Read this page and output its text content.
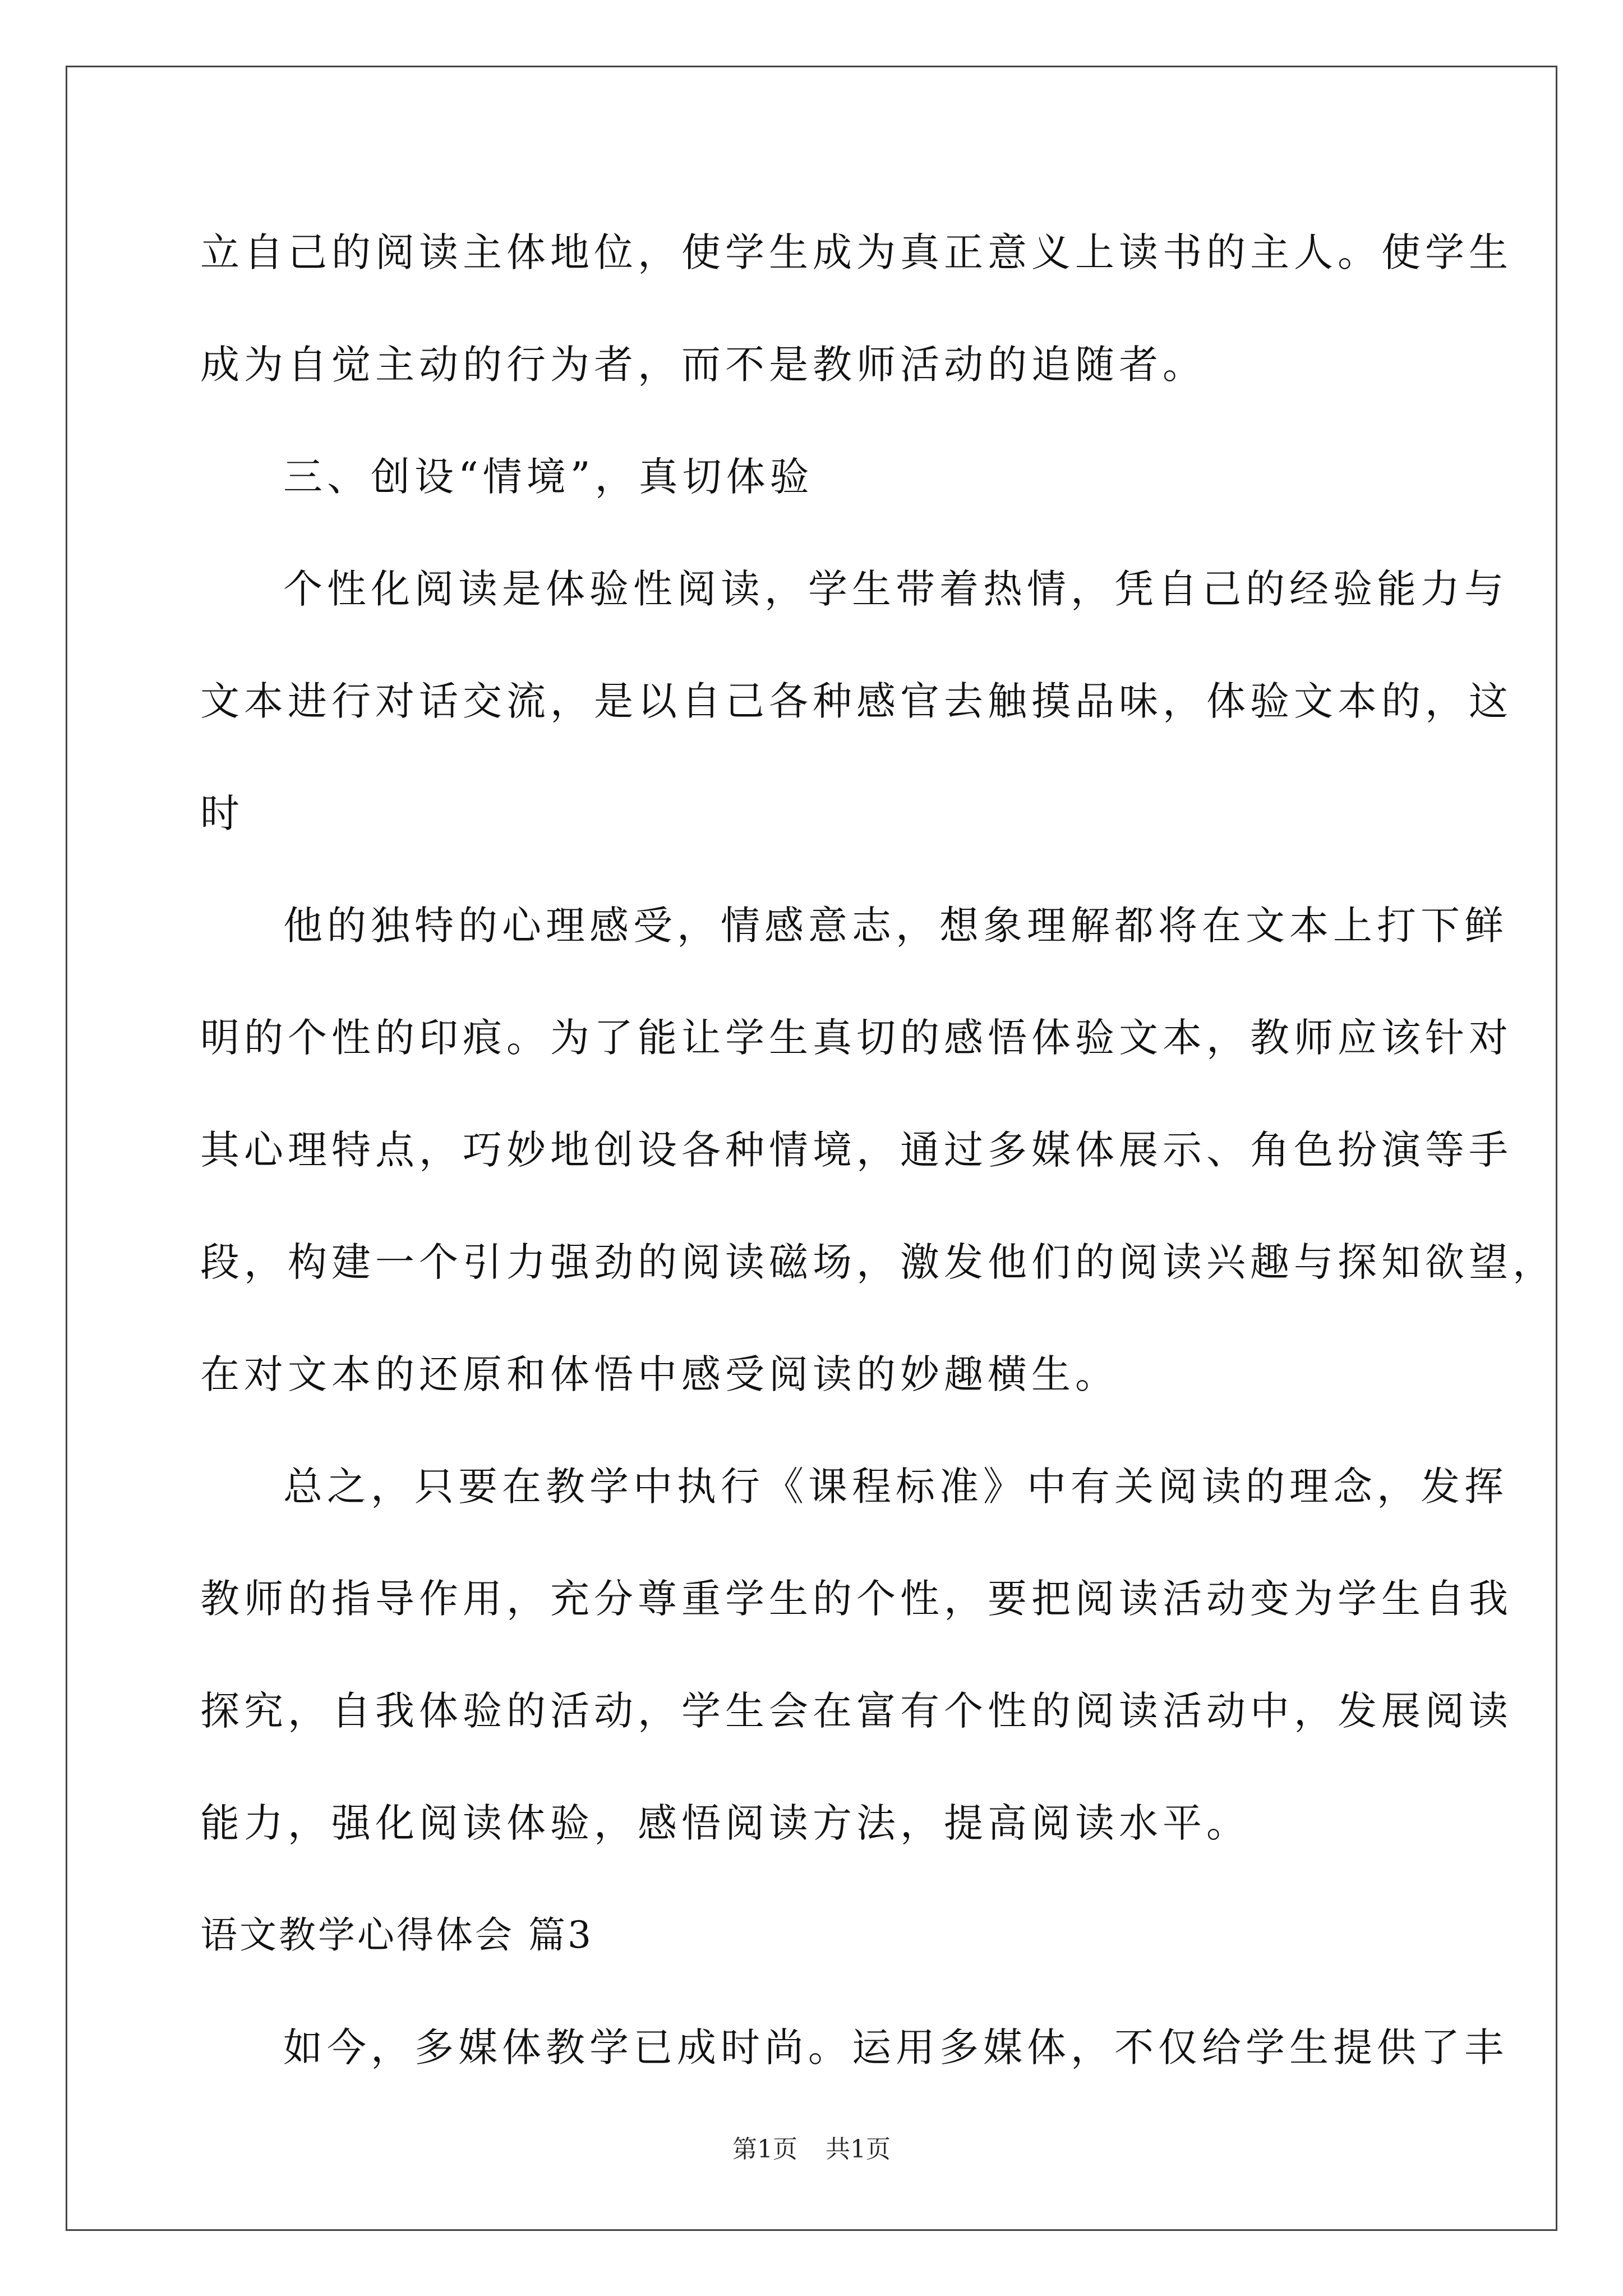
立自己的阅读主体地位，使学生成为真正意义上读书的主人。使学生
成为自觉主动的行为者，而不是教师活动的追随者。
三、创设“情境”，真切体验
个性化阅读是体验性阅读，学生带着热情，凭自己的经验能力与
文本进行对话交流，是以自己各种感官去触摸品味，体验文本的，这
时
他的独特的心理感受，情感意志，想象理解都将在文本上打下鲜
明的个性的印痕。为了能让学生真切的感悟体验文本，教师应该针对
其心理特点，巧妙地创设各种情境，通过多媒体展示、角色扮演等手
段，构建一个引力强劲的阅读磁场，激发他们的阅读兴趣与探知欲望，
在对文本的还原和体悟中感受阅读的妙趣横生。
总之，只要在教学中执行《课程标准》中有关阅读的理念，发挥
教师的指导作用，充分尊重学生的个性，要把阅读活动变为学生自我
探究，自我体验的活动，学生会在富有个性的阅读活动中，发展阅读
能力，强化阅读体验，感悟阅读方法，提高阅读水平。
语文教学心得体会 篇3
如今，多媒体教学已成时尚。运用多媒体，不仅给学生提供了丰
第1页 共1页
